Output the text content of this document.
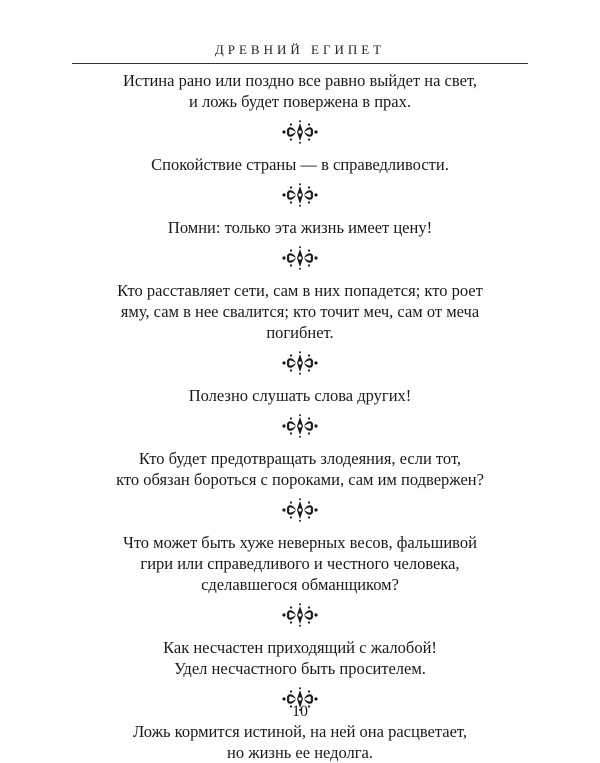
ДРЕВНИЙ ЕГИПЕТ

Истина рано или поздно все равно выйдет на свет,
и ложь будет повержена в прах.

Спокойствие страны — в справедливости.

Помни: только эта жизнь имеет цену!

Кто расставляет сети, сам в них попадется; кто роет
яму, сам в нее свалится; кто точит меч, сам от меча
погибнет.

Полезно слушать слова других!

Кто будет предотвращать злодеяния, если тот,
кто обязан бороться с пороками, сам им подвержен?

Что может быть хуже неверных весов, фальшивой
гири или справедливого и честного человека,
сделавшегося обманщиком?

Как несчастен приходящий с жалобой!
Удел несчастного быть просителем.

Ложь кормится истиной, на ней она расцветает,
но жизнь ее недолга.

10
